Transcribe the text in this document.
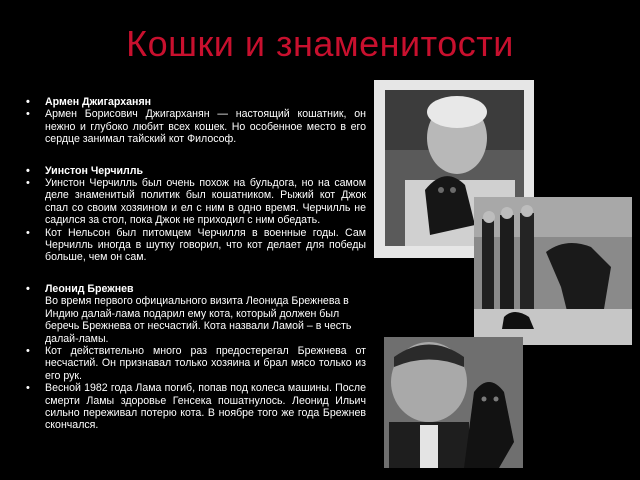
Кошки и знаменитости
• Армен Джигарханян
• Армен Борисович Джигарханян — настоящий кошатник, он нежно и глубоко любит всех кошек. Но особенное место в его сердце занимал тайский кот Философ.
• Уинстон Черчилль
• Уинстон Черчилль был очень похож на бульдога, но на самом деле знаменитый политик был кошатником. Рыжий кот Джок спал со своим хозяином и ел с ним в одно время. Черчилль не садился за стол, пока Джок не приходил с ним обедать.
• Кот Нельсон был питомцем Черчилля в военные годы. Сам Черчилль иногда в шутку говорил, что кот делает для победы больше, чем он сам.
• Леонид Брежнев
Во время первого официального визита Леонида Брежнева в Индию далай-лама подарил ему кота, который должен был беречь Брежнева от несчастий. Кота назвали Ламой – в честь далай-ламы.
• Кот действительно много раз предостерегал Брежнева от несчастий. Он признавал только хозяина и брал мясо только из его рук.
• Весной 1982 года Лама погиб, попав под колеса машины. После смерти Ламы здоровье Генсека пошатнулось. Леонид Ильич сильно переживал потерю кота. В ноябре того же года Брежнев скончался.
